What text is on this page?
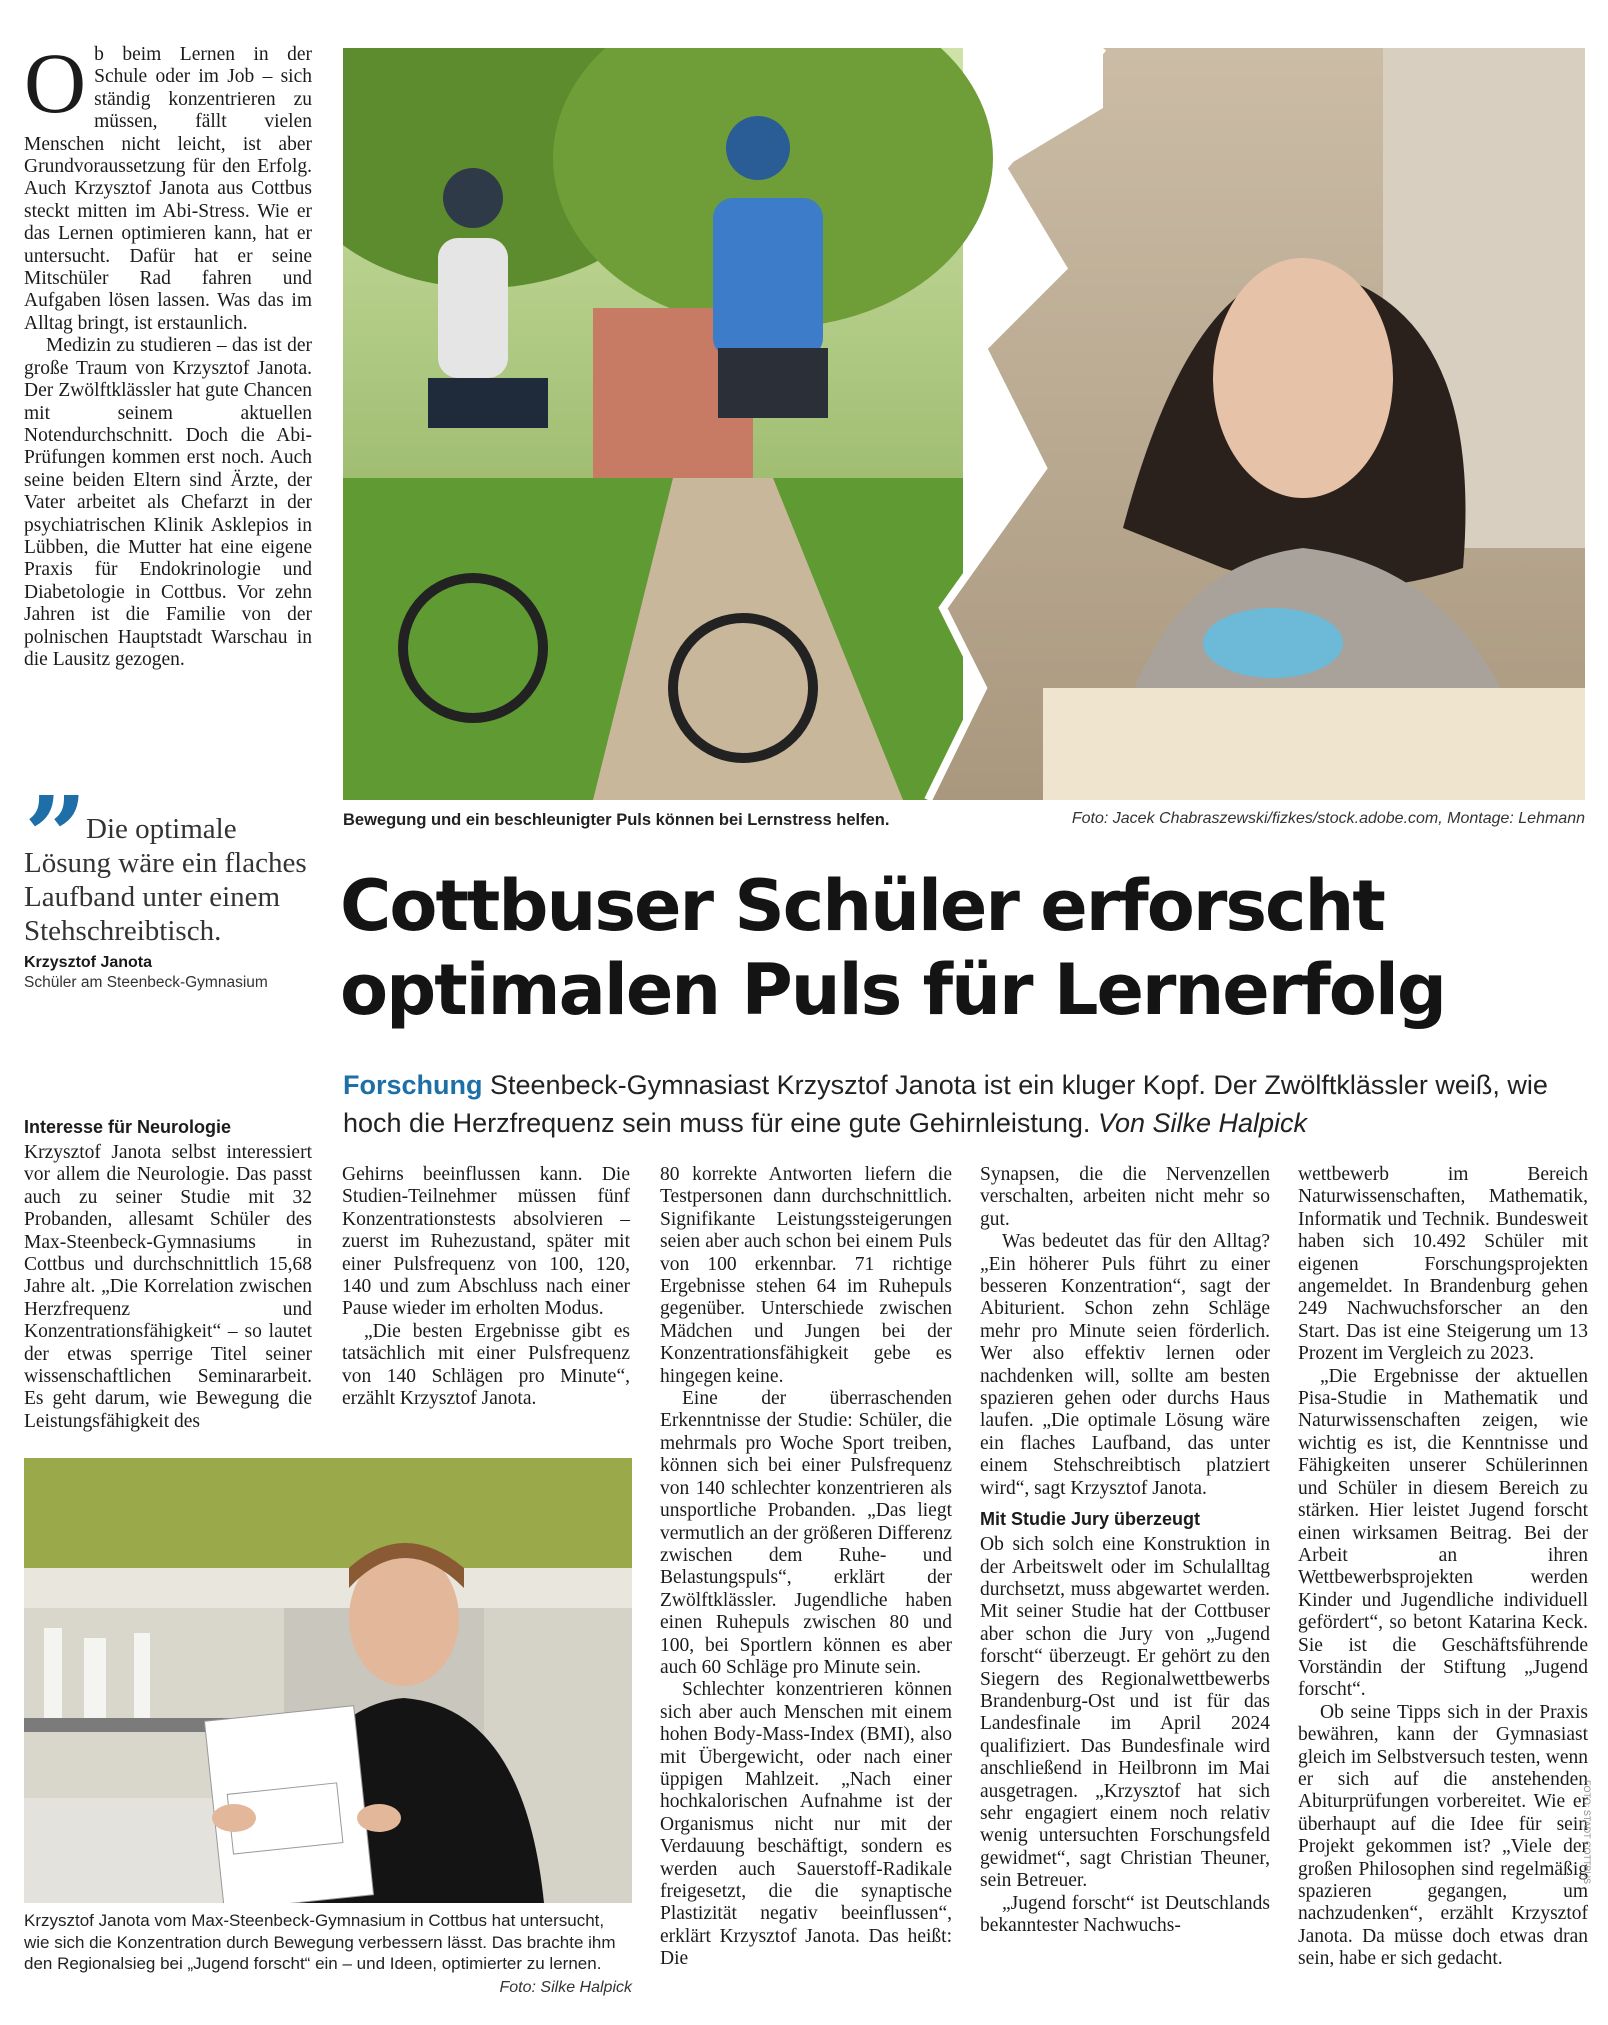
Ob beim Lernen in der Schule oder im Job – sich ständig konzentrieren zu müssen, fällt vielen Menschen nicht leicht, ist aber Grundvoraussetzung für den Erfolg. Auch Krzysztof Janota aus Cottbus steckt mitten im Abi-Stress. Wie er das Lernen optimieren kann, hat er untersucht. Dafür hat er seine Mitschüler Rad fahren und Aufgaben lösen lassen. Was das im Alltag bringt, ist erstaunlich.

Medizin zu studieren – das ist der große Traum von Krzysztof Janota. Der Zwölftklässler hat gute Chancen mit seinem aktuellen Notendurchschnitt. Doch die Abi-Prüfungen kommen erst noch. Auch seine beiden Eltern sind Ärzte, der Vater arbeitet als Chefarzt in der psychiatrischen Klinik Asklepios in Lübben, die Mutter hat eine eigene Praxis für Endokrinologie und Diabetologie in Cottbus. Vor zehn Jahren ist die Familie von der polnischen Hauptstadt Warschau in die Lausitz gezogen.

Bewegung und ein beschleunigter Puls können bei Lernstress helfen.	Foto: Jacek Chabraszewski/fizkes/stock.adobe.com, Montage: Lehmann
”
Die optimale Lösung wäre ein flaches Laufband unter einem Stehschreibtisch.
Krzysztof Janota
Schüler am Steenbeck-Gymnasium
Cottbuser Schüler erforscht
optimalen Puls für Lernerfolg
Forschung Steenbeck-Gymnasiast Krzysztof Janota ist ein kluger Kopf. Der Zwölftklässler weiß, wie hoch die Herzfrequenz sein muss für eine gute Gehirnleistung. Von Silke Halpick
Interesse für Neurologie

Krzysztof Janota selbst interessiert vor allem die Neurologie. Das passt auch zu seiner Studie mit 32 Probanden, allesamt Schüler des Max-Steenbeck-Gymnasiums in Cottbus und durchschnittlich 15,68 Jahre alt. „Die Korrelation zwischen Herzfrequenz und Konzentrationsfähigkeit“ – so lautet der etwas sperrige Titel seiner wissenschaftlichen Seminararbeit. Es geht darum, wie Bewegung die Leistungsfähigkeit des

Gehirns beeinflussen kann. Die Studien-Teilnehmer müssen fünf Konzentrationstests absolvieren – zuerst im Ruhezustand, später mit einer Pulsfrequenz von 100, 120, 140 und zum Abschluss nach einer Pause wieder im erholten Modus.

„Die besten Ergebnisse gibt es tatsächlich mit einer Pulsfrequenz von 140 Schlägen pro Minute“, erzählt Krzysztof Janota.

Krzysztof Janota vom Max-Steenbeck-Gymnasium in Cottbus hat untersucht, wie sich die Konzentration durch Bewegung verbessern lässt. Das brachte ihm den Regionalsieg bei „Jugend forscht“ ein – und Ideen, optimierter zu lernen.
Foto: Silke Halpick

80 korrekte Antworten liefern die Testpersonen dann durchschnittlich. Signifikante Leistungssteigerungen seien aber auch schon bei einem Puls von 100 erkennbar. 71 richtige Ergebnisse stehen 64 im Ruhepuls gegenüber. Unterschiede zwischen Mädchen und Jungen bei der Konzentrationsfähigkeit gebe es hingegen keine.

Eine der überraschenden Erkenntnisse der Studie: Schüler, die mehrmals pro Woche Sport treiben, können sich bei einer Pulsfrequenz von 140 schlechter konzentrieren als unsportliche Probanden. „Das liegt vermutlich an der größeren Differenz zwischen dem Ruhe- und Belastungspuls“, erklärt der Zwölftklässler. Jugendliche haben einen Ruhepuls zwischen 80 und 100, bei Sportlern können es aber auch 60 Schläge pro Minute sein.

Schlechter konzentrieren können sich aber auch Menschen mit einem hohen Body-Mass-Index (BMI), also mit Übergewicht, oder nach einer üppigen Mahlzeit. „Nach einer hochkalorischen Aufnahme ist der Organismus nicht nur mit der Verdauung beschäftigt, sondern es werden auch Sauerstoff-Radikale freigesetzt, die die synaptische Plastizität negativ beeinflussen“, erklärt Krzysztof Janota. Das heißt: Die

Synapsen, die die Nervenzellen verschalten, arbeiten nicht mehr so gut.

Was bedeutet das für den Alltag? „Ein höherer Puls führt zu einer besseren Konzentration“, sagt der Abiturient. Schon zehn Schläge mehr pro Minute seien förderlich. Wer also effektiv lernen oder nachdenken will, sollte am besten spazieren gehen oder durchs Haus laufen. „Die optimale Lösung wäre ein flaches Laufband, das unter einem Stehschreibtisch platziert wird“, sagt Krzysztof Janota.

Mit Studie Jury überzeugt

Ob sich solch eine Konstruktion in der Arbeitswelt oder im Schulalltag durchsetzt, muss abgewartet werden. Mit seiner Studie hat der Cottbuser aber schon die Jury von „Jugend forscht“ überzeugt. Er gehört zu den Siegern des Regionalwettbewerbs Brandenburg-Ost und ist für das Landesfinale im April 2024 qualifiziert. Das Bundesfinale wird anschließend in Heilbronn im Mai ausgetragen. „Krzysztof hat sich sehr engagiert einem noch relativ wenig untersuchten Forschungsfeld gewidmet“, sagt Christian Theuner, sein Betreuer.

„Jugend forscht“ ist Deutschlands bekanntester Nachwuchs-

wettbewerb im Bereich Naturwissenschaften, Mathematik, Informatik und Technik. Bundesweit haben sich 10.492 Schüler mit eigenen Forschungsprojekten angemeldet. In Brandenburg gehen 249 Nachwuchsforscher an den Start. Das ist eine Steigerung um 13 Prozent im Vergleich zu 2023.

„Die Ergebnisse der aktuellen Pisa-Studie in Mathematik und Naturwissenschaften zeigen, wie wichtig es ist, die Kenntnisse und Fähigkeiten unserer Schülerinnen und Schüler in diesem Bereich zu stärken. Hier leistet Jugend forscht einen wirksamen Beitrag. Bei der Arbeit an ihren Wettbewerbsprojekten werden Kinder und Jugendliche individuell gefördert“, so betont Katarina Keck. Sie ist die Geschäftsführende Vorständin der Stiftung „Jugend forscht“.

Ob seine Tipps sich in der Praxis bewähren, kann der Gymnasiast gleich im Selbstversuch testen, wenn er sich auf die anstehenden Abiturprüfungen vorbereitet. Wie er überhaupt auf die Idee für sein Projekt gekommen ist? „Viele der großen Philosophen sind regelmäßig spazieren gegangen, um nachzudenken“, erzählt Krzysztof Janota. Da müsse doch etwas dran sein, habe er sich gedacht.

FOTO: STADT COTTBUS
